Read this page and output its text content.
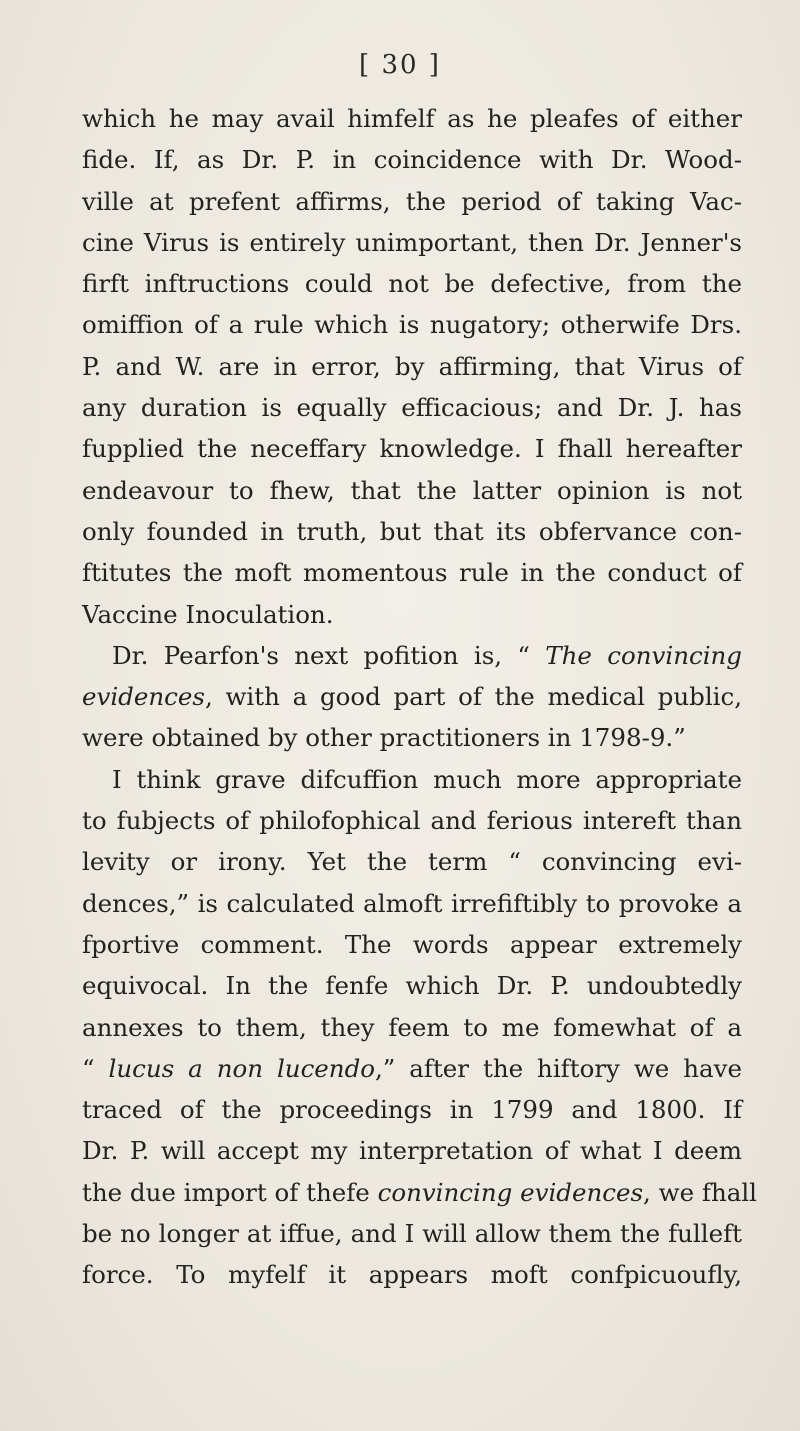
[ 30 ]
which he may avail himfelf as he pleafes of either
fide. If, as Dr. P. in coincidence with Dr. Wood-
ville at prefent affirms, the period of taking Vac-
cine Virus is entirely unimportant, then Dr. Jenner's
firft inftructions could not be defective, from the
omiffion of a rule which is nugatory; otherwife Drs.
P. and W. are in error, by affirming, that Virus of
any duration is equally efficacious; and Dr. J. has
fupplied the neceffary knowledge. I fhall hereafter
endeavour to fhew, that the latter opinion is not
only founded in truth, but that its obfervance con-
ftitutes the moft momentous rule in the conduct of
Vaccine Inoculation.
Dr. Pearfon's next pofition is, “ The convincing
evidences, with a good part of the medical public,
were obtained by other practitioners in 1798-9.”
I think grave difcuffion much more appropriate
to fubjects of philofophical and ferious intereft than
levity or irony. Yet the term “ convincing evi-
dences,” is calculated almoft irrefiftibly to provoke a
fportive comment. The words appear extremely
equivocal. In the fenfe which Dr. P. undoubtedly
annexes to them, they feem to me fomewhat of a
“ lucus a non lucendo,” after the hiftory we have
traced of the proceedings in 1799 and 1800. If
Dr. P. will accept my interpretation of what I deem
the due import of thefe convincing evidences, we fhall
be no longer at iffue, and I will allow them the fulleft
force. To myfelf it appears moft confpicuoufly,
